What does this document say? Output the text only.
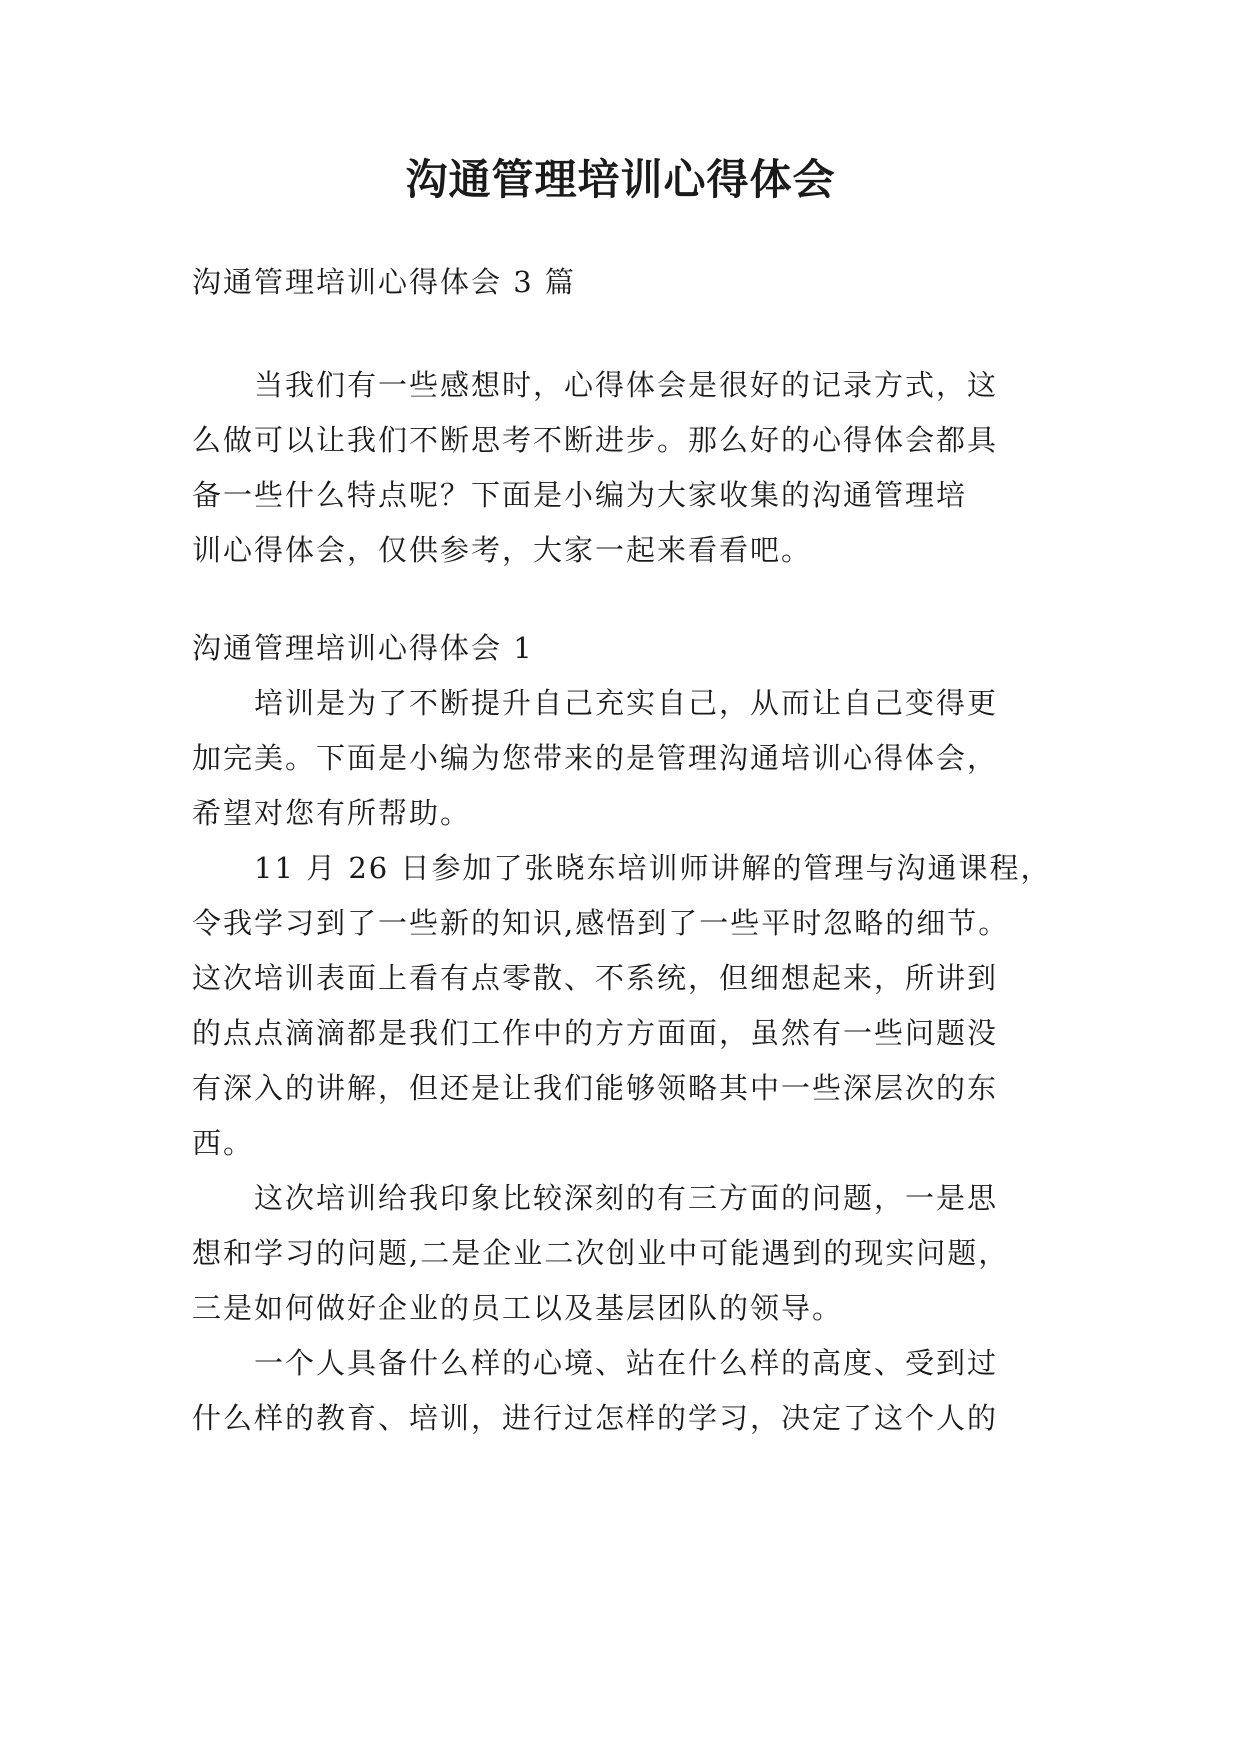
沟通管理培训心得体会
沟通管理培训心得体会 3 篇
当我们有一些感想时，心得体会是很好的记录方式，这
么做可以让我们不断思考不断进步。那么好的心得体会都具
备一些什么特点呢？下面是小编为大家收集的沟通管理培
训心得体会，仅供参考，大家一起来看看吧。
沟通管理培训心得体会 1
培训是为了不断提升自己充实自己，从而让自己变得更
加完美。下面是小编为您带来的是管理沟通培训心得体会，
希望对您有所帮助。
11 月 26 日参加了张晓东培训师讲解的管理与沟通课程，
令我学习到了一些新的知识,感悟到了一些平时忽略的细节。
这次培训表面上看有点零散、不系统，但细想起来，所讲到
的点点滴滴都是我们工作中的方方面面，虽然有一些问题没
有深入的讲解，但还是让我们能够领略其中一些深层次的东
西。
这次培训给我印象比较深刻的有三方面的问题，一是思
想和学习的问题,二是企业二次创业中可能遇到的现实问题，
三是如何做好企业的员工以及基层团队的领导。
一个人具备什么样的心境、站在什么样的高度、受到过
什么样的教育、培训，进行过怎样的学习，决定了这个人的
